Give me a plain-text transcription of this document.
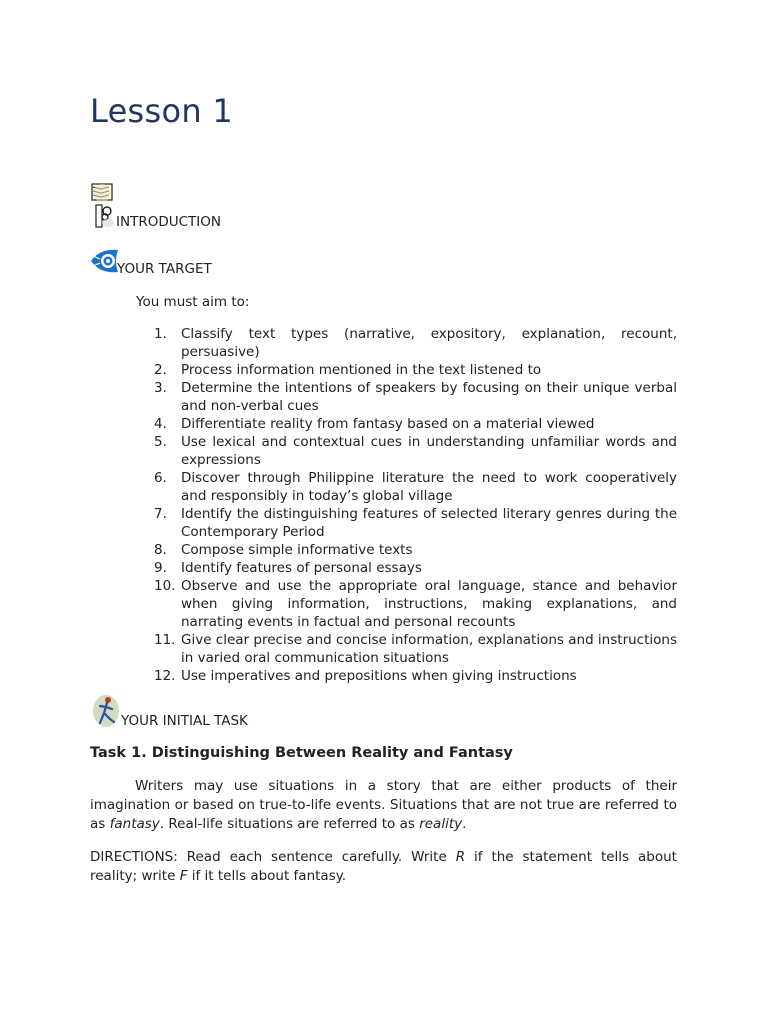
Lesson 1
INTRODUCTION
YOUR TARGET
You must aim to:
1. Classify text types (narrative, expository, explanation, recount, persuasive)
2. Process information mentioned in the text listened to
3. Determine the intentions of speakers by focusing on their unique verbal and non-verbal cues
4. Differentiate reality from fantasy based on a material viewed
5. Use lexical and contextual cues in understanding unfamiliar words and expressions
6. Discover through Philippine literature the need to work cooperatively and responsibly in today’s global village
7. Identify the distinguishing features of selected literary genres during the Contemporary Period
8. Compose simple informative texts
9. Identify features of personal essays
10. Observe and use the appropriate oral language, stance and behavior when giving information, instructions, making explanations, and narrating events in factual and personal recounts
11. Give clear precise and concise information, explanations and instructions in varied oral communication situations
12. Use imperatives and prepositions when giving instructions
YOUR INITIAL TASK
Task 1. Distinguishing Between Reality and Fantasy

Writers may use situations in a story that are either products of their imagination or based on true-to-life events. Situations that are not true are referred to as fantasy. Real-life situations are referred to as reality.

DIRECTIONS: Read each sentence carefully. Write R if the statement tells about reality; write F if it tells about fantasy.
